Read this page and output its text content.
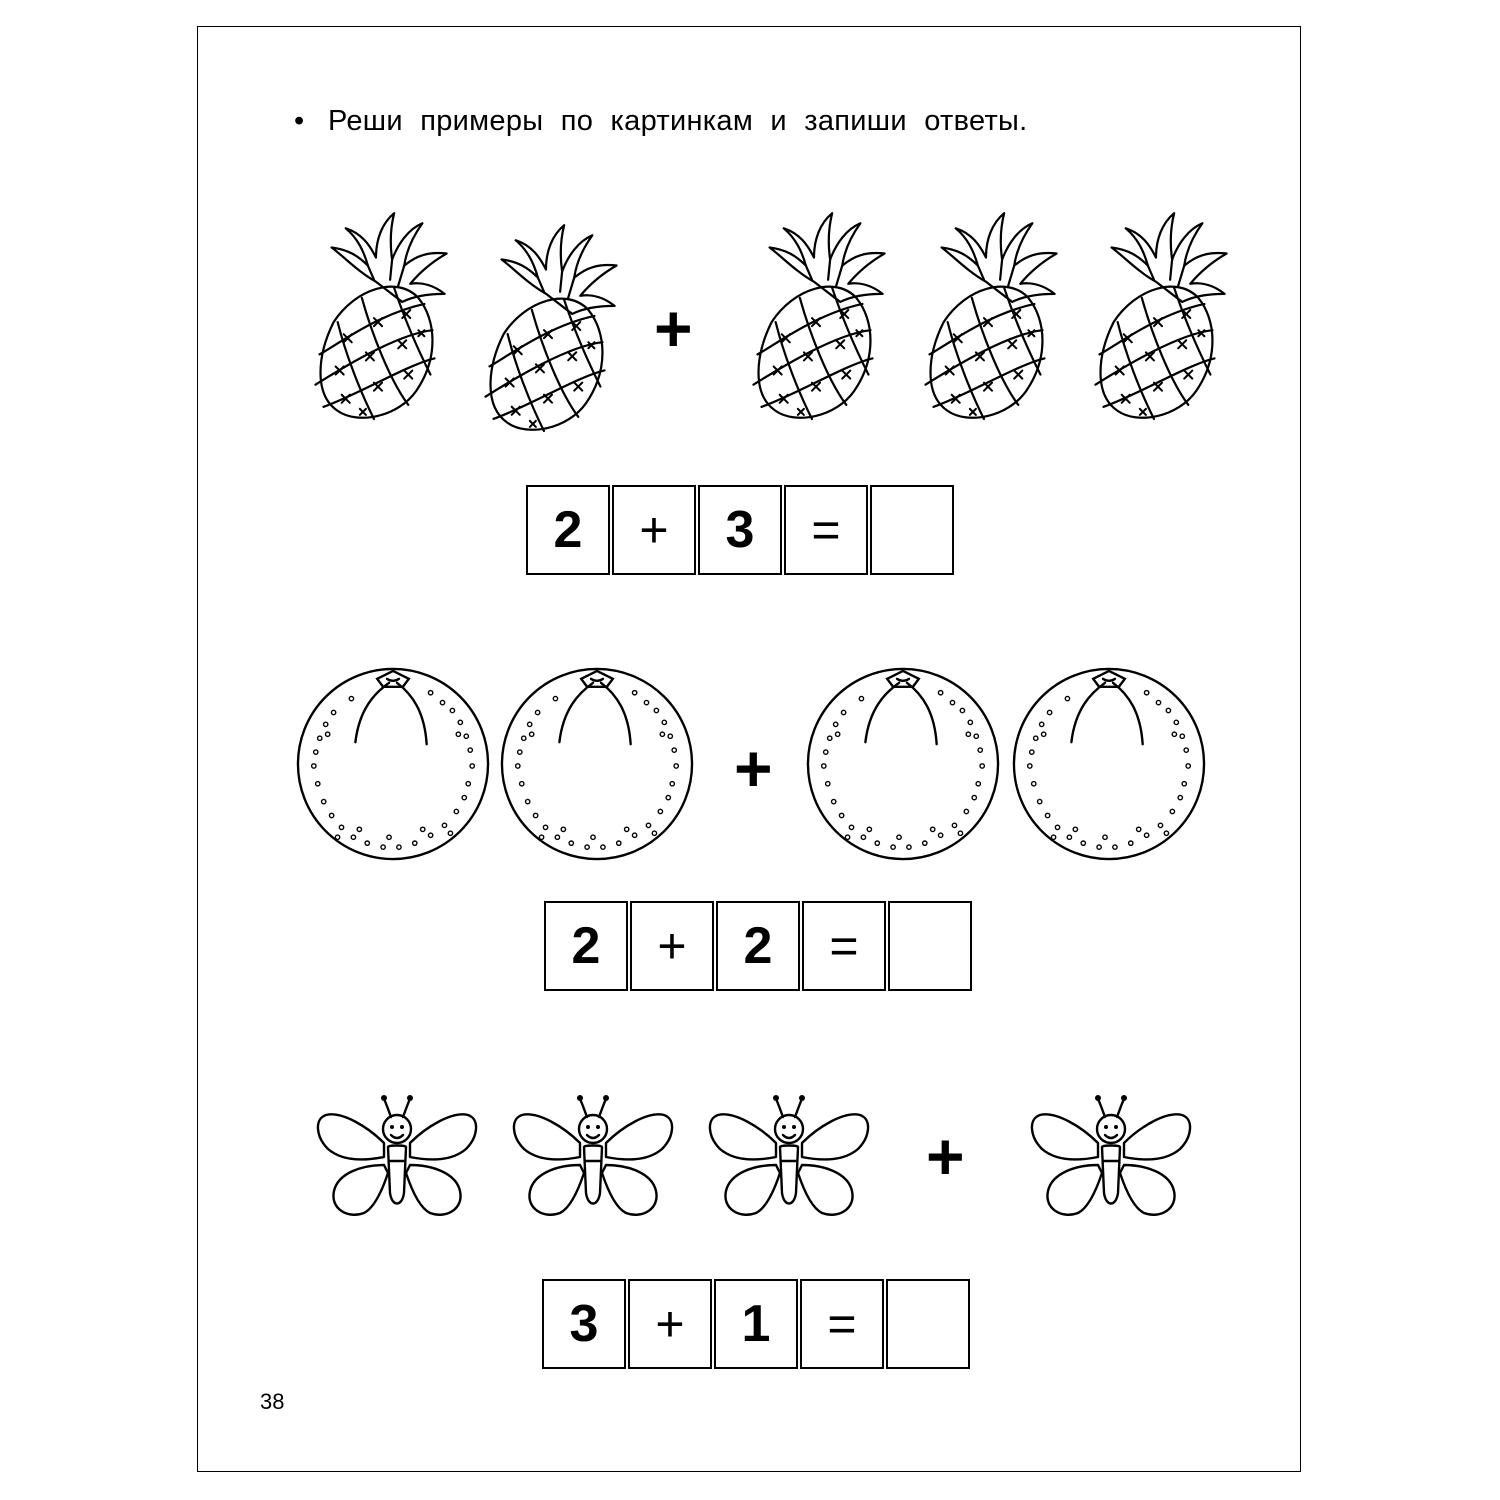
• Реши примеры по картинкам и запиши ответы.
+
2	+	3	=
+
2	+	2	=
+
3	+	1	=
38
